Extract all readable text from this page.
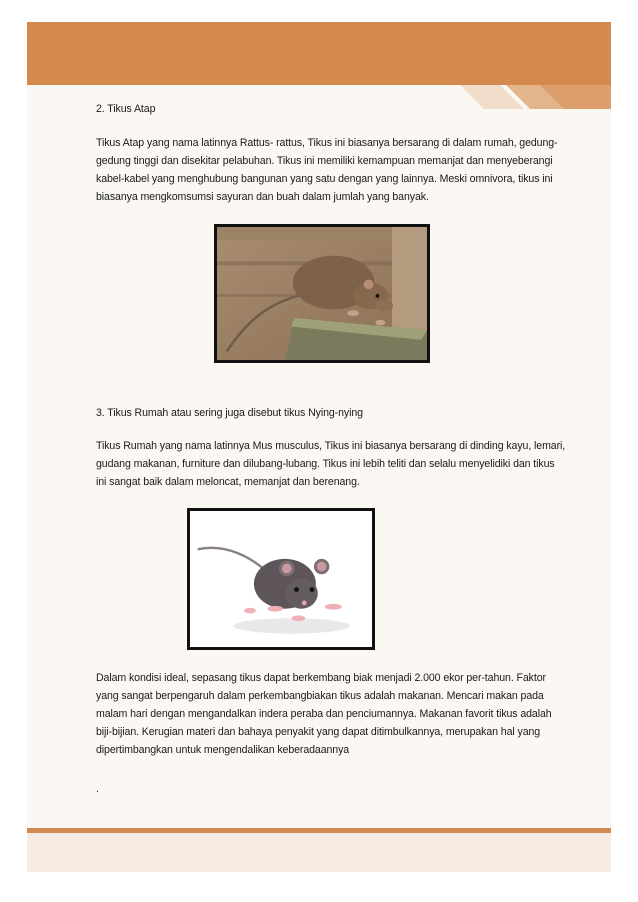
2. Tikus Atap
Tikus Atap yang nama latinnya Rattus- rattus, Tikus ini biasanya bersarang di dalam rumah, gedung-gedung tinggi dan disekitar pelabuhan. Tikus ini memiliki kemampuan memanjat dan menyeberangi kabel-kabel yang menghubung bangunan yang satu dengan yang lainnya. Meski omnivora, tikus ini biasanya mengkomsumsi sayuran dan buah dalam jumlah yang banyak.
3. Tikus Rumah atau sering juga disebut tikus Nying-nying
Tikus Rumah yang nama latinnya Mus musculus, Tikus ini biasanya bersarang di dinding kayu, lemari, gudang makanan, furniture dan dilubang-lubang. Tikus ini lebih teliti dan selalu menyelidiki dan tikus ini sangat baik dalam meloncat, memanjat dan berenang.
Dalam kondisi ideal, sepasang tikus dapat berkembang biak menjadi 2.000 ekor per-tahun. Faktor yang sangat berpengaruh dalam perkembangbiakan tikus adalah makanan. Mencari makan pada malam hari dengan mengandalkan indera peraba dan penciumannya. Makanan favorit tikus adalah biji-bijian. Kerugian materi dan bahaya penyakit yang dapat ditimbulkannya, merupakan hal yang dipertimbangkan untuk mengendalikan keberadaannya
.
